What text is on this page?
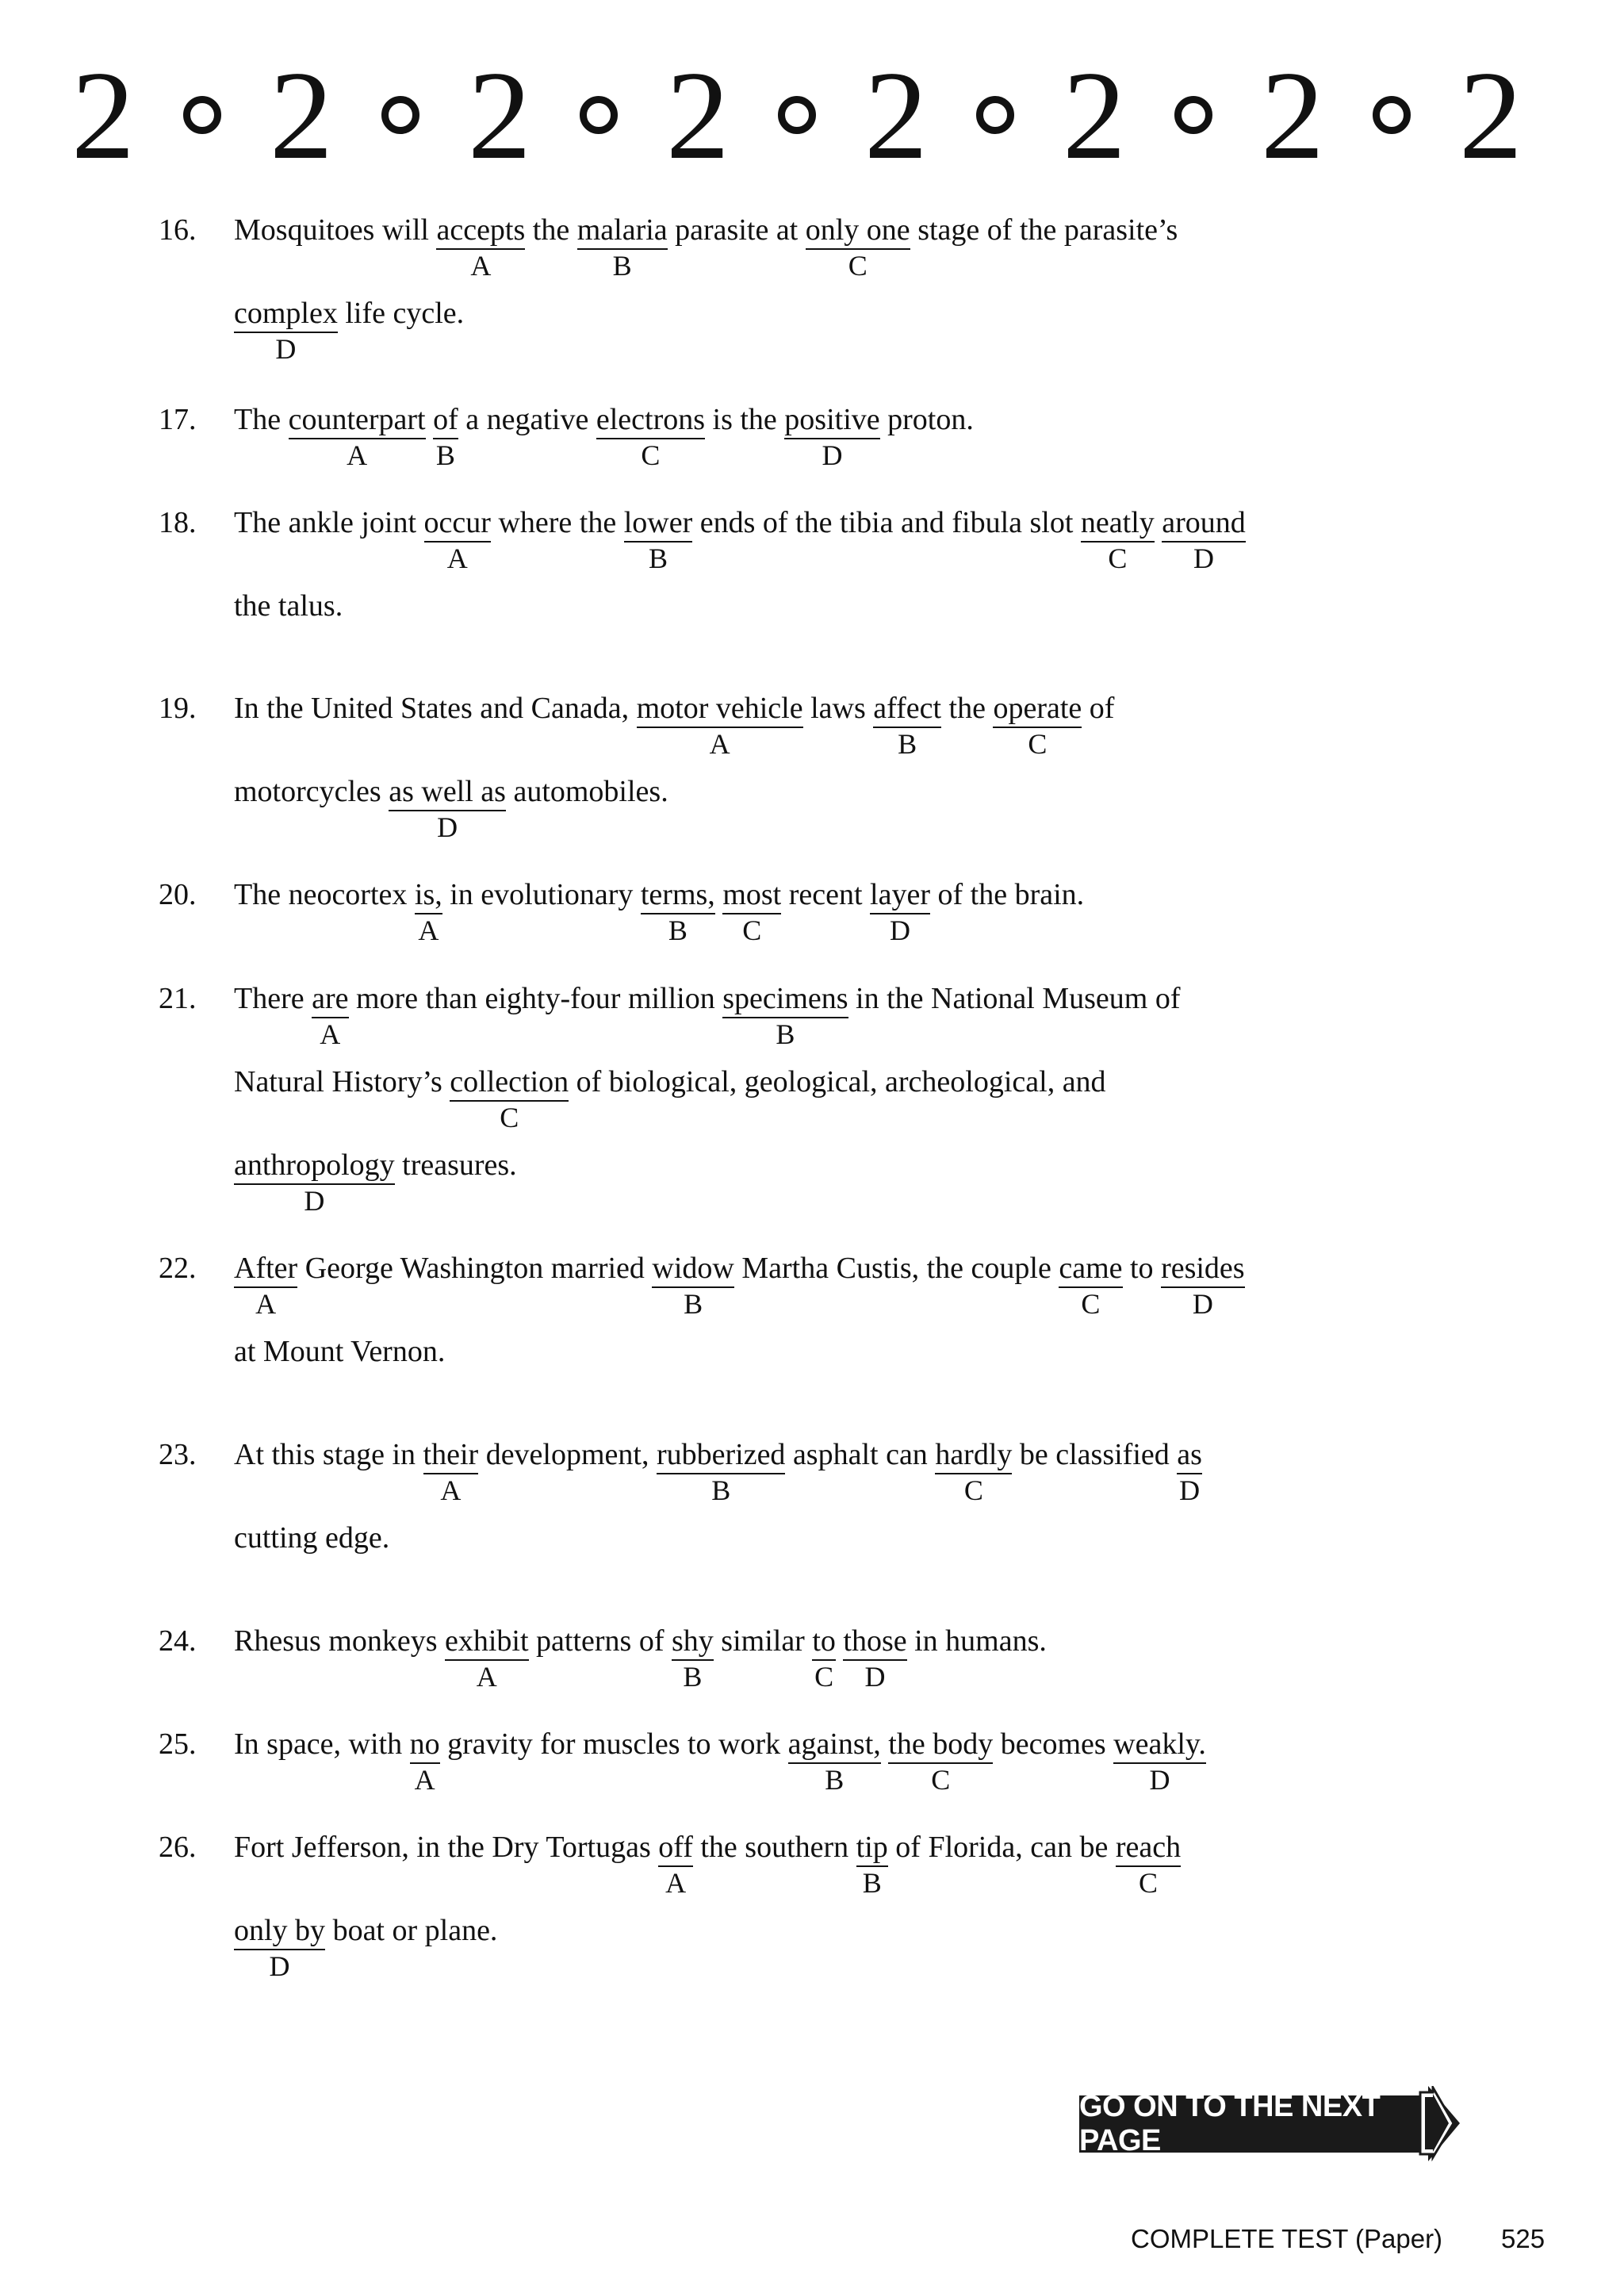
2 2 2 2 2 2 2 2
16. Mosquitoes will accepts
A
the malaria
B
parasite at only one
C
stage of the parasite’s
complex
D
life cycle.
17. The counterpart
A
of
B
a negative electrons
C
is the positive
D
proton.
18. The ankle joint occur
A
where the lower
B
ends of the tibia and fibula slot neatly
C
around
D
the talus.
19. In the United States and Canada, motor vehicle
A
laws affect
B
the operate
C
of
motorcycles as well as
D
automobiles.
20. The neocortex is,
A
in evolutionary terms,
B
most
C
recent layer
D
of the brain.
21. There are
A
more than eighty-four million specimens
B
in the National Museum of
Natural History’s collection
C
of biological, geological, archeological, and
anthropology
D
treasures.
22. After
A
George Washington married widow
B
Martha Custis, the couple came
C
to resides
D
at Mount Vernon.
23. At this stage in their
A
development, rubberized
B
asphalt can hardly
C
be classified as
D
cutting edge.
24. Rhesus monkeys exhibit
A
patterns of shy
B
similar to
C
those
D
in humans.
25. In space, with no
A
gravity for muscles to work against,
B
the body
C
becomes weakly.
D
26. Fort Jefferson, in the Dry Tortugas off
A
the southern tip
B
of Florida, can be reach
C
only by
D
boat or plane.
GO ON TO THE NEXT PAGE
COMPLETE TEST (Paper) 525
